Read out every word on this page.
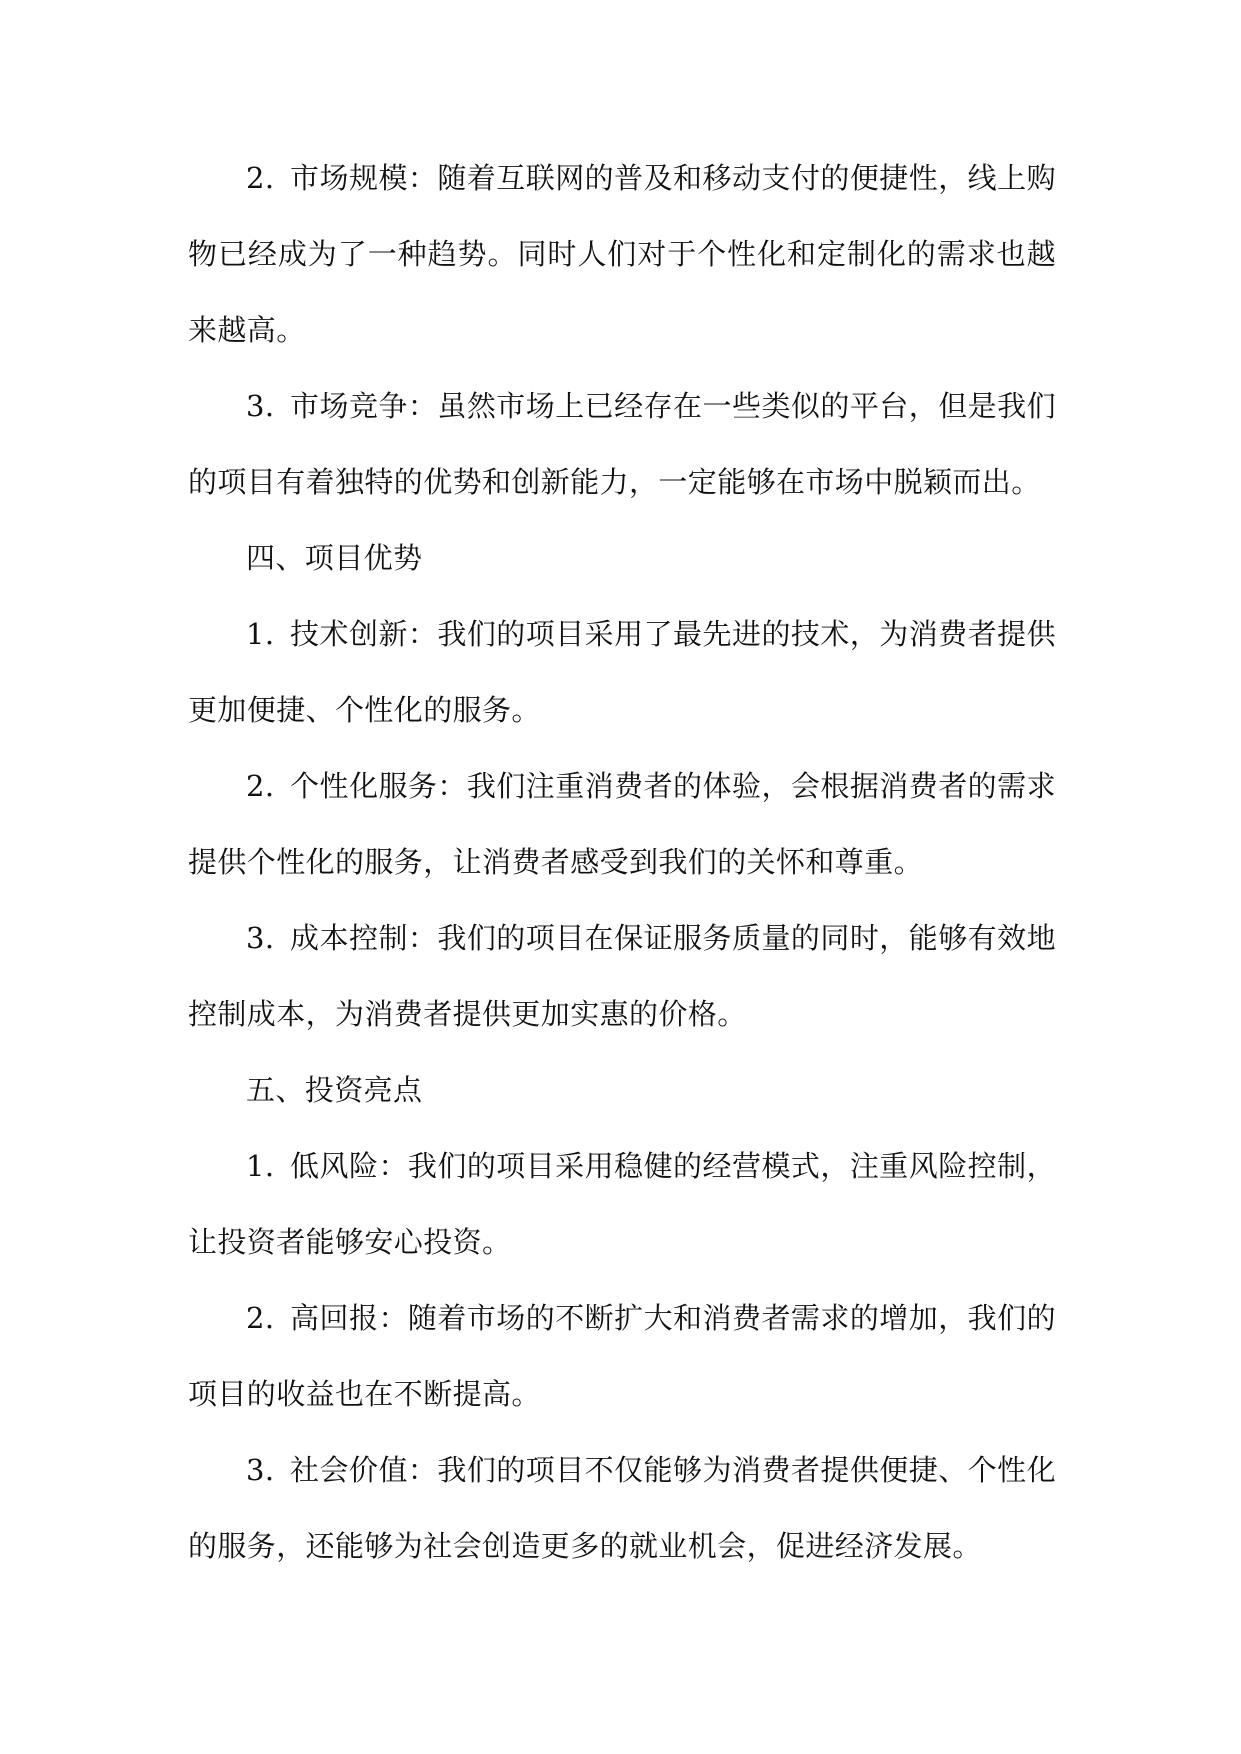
2. 市场规模：随着互联网的普及和移动支付的便捷性，线上购物已经成为了一种趋势。同时人们对于个性化和定制化的需求也越来越高。

3. 市场竞争：虽然市场上已经存在一些类似的平台，但是我们的项目有着独特的优势和创新能力，一定能够在市场中脱颖而出。

四、项目优势

1. 技术创新：我们的项目采用了最先进的技术，为消费者提供更加便捷、个性化的服务。

2. 个性化服务：我们注重消费者的体验，会根据消费者的需求提供个性化的服务，让消费者感受到我们的关怀和尊重。

3. 成本控制：我们的项目在保证服务质量的同时，能够有效地控制成本，为消费者提供更加实惠的价格。

五、投资亮点

1. 低风险：我们的项目采用稳健的经营模式，注重风险控制，让投资者能够安心投资。

2. 高回报：随着市场的不断扩大和消费者需求的增加，我们的项目的收益也在不断提高。

3. 社会价值：我们的项目不仅能够为消费者提供便捷、个性化的服务，还能够为社会创造更多的就业机会，促进经济发展。
